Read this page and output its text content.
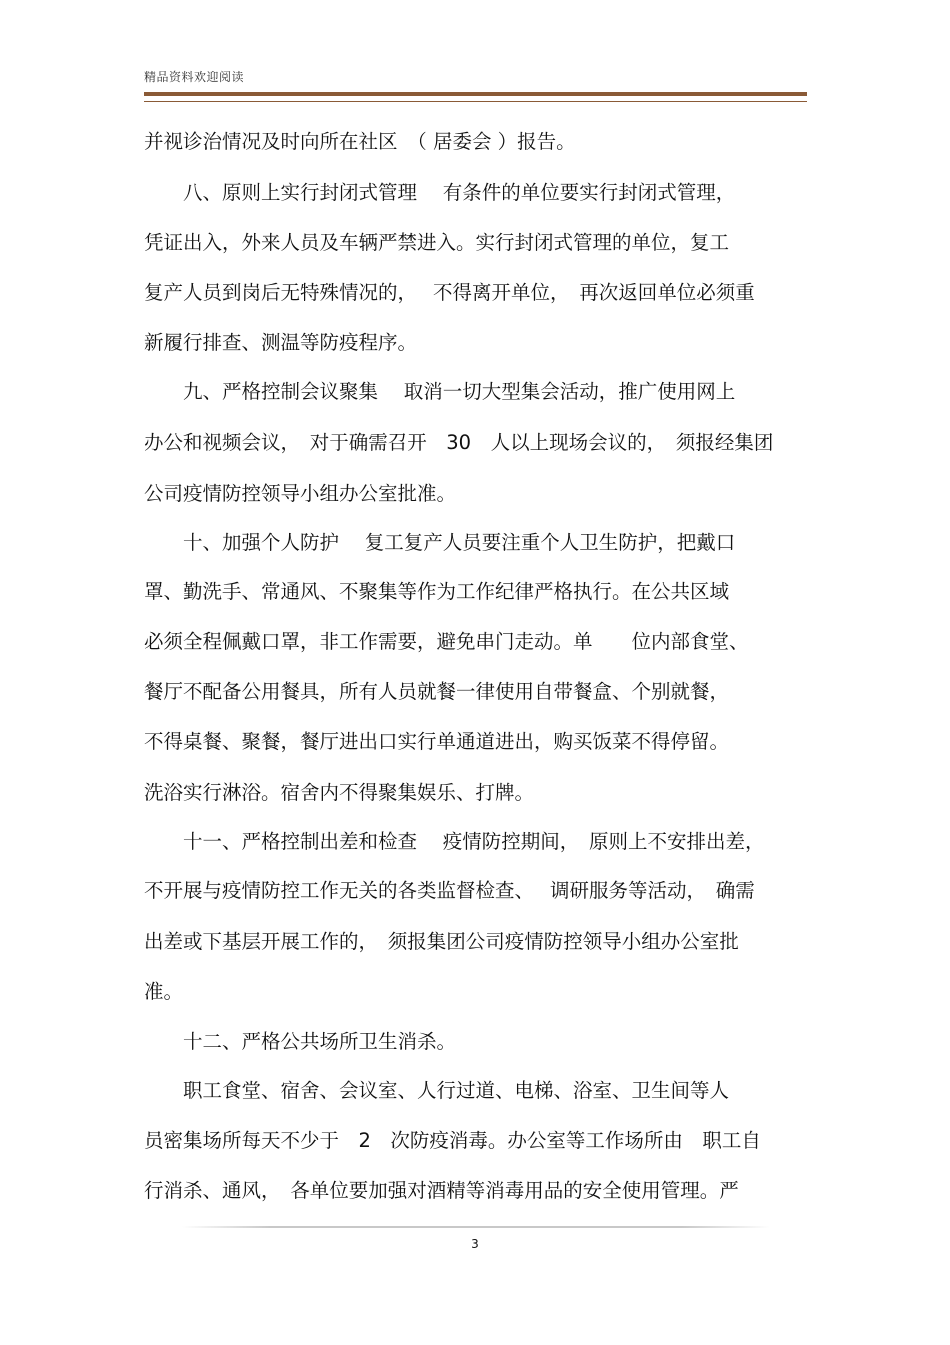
精品资料欢迎阅读
并视诊治情况及时向所在社区　（ 居委会 ）报告。
　　八、原则上实行封闭式管理　 有条件的单位要实行封闭式管理，
凭证出入，外来人员及车辆严禁进入。实行封闭式管理的单位，复工
复产人员到岗后无特殊情况的，　 不得离开单位，　再次返回单位必须重
新履行排查、测温等防疫程序。
　　九、严格控制会议聚集　 取消一切大型集会活动，推广使用网上
办公和视频会议，　对于确需召开　30　人以上现场会议的，　须报经集团
公司疫情防控领导小组办公室批准。
　　十、加强个人防护　 复工复产人员要注重个人卫生防护，把戴口
罩、勤洗手、常通风、不聚集等作为工作纪律严格执行。在公共区域
必须全程佩戴口罩，非工作需要，避免串门走动。单　　位内部食堂、
餐厅不配备公用餐具，所有人员就餐一律使用自带餐盒、个别就餐，
不得桌餐、聚餐，餐厅进出口实行单通道进出，购买饭菜不得停留。
洗浴实行淋浴。宿舍内不得聚集娱乐、打牌。
　　十一、严格控制出差和检查　 疫情防控期间，　原则上不安排出差，
不开展与疫情防控工作无关的各类监督检查、　 调研服务等活动，　确需
出差或下基层开展工作的，　须报集团公司疫情防控领导小组办公室批
准。
　　十二、严格公共场所卫生消杀。
　　职工食堂、宿舍、会议室、人行过道、电梯、浴室、卫生间等人
员密集场所每天不少于　2　次防疫消毒。办公室等工作场所由　职工自
行消杀、通风，　各单位要加强对酒精等消毒用品的安全使用管理。严
3
